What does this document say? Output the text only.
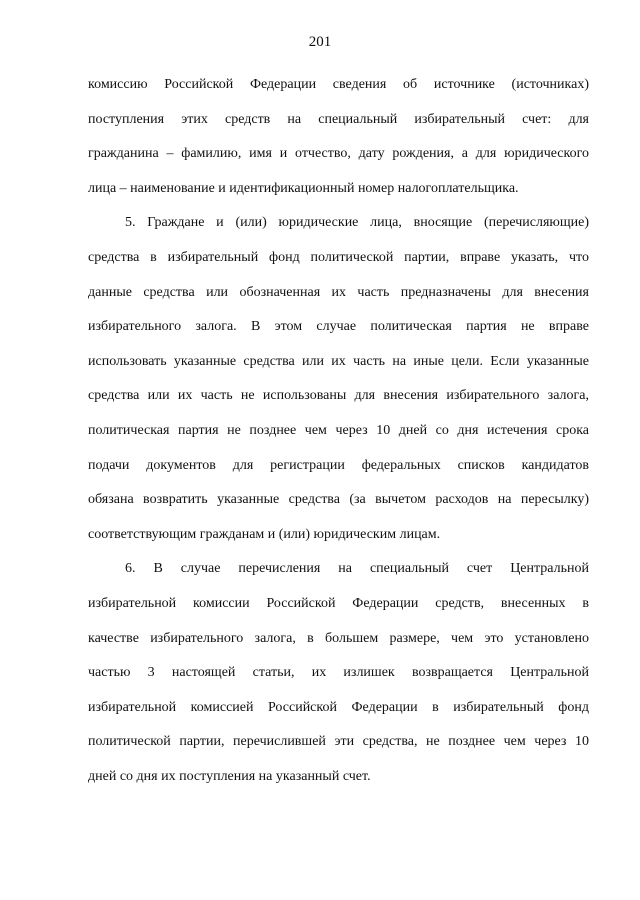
201

комиссию Российской Федерации сведения об источнике (источниках)
поступления этих средств на специальный избирательный счет: для
гражданина – фамилию, имя и отчество, дату рождения, а для юридического
лица – наименование и идентификационный номер налогоплательщика.

5. Граждане и (или) юридические лица, вносящие (перечисляющие)
средства в избирательный фонд политической партии, вправе указать, что
данные средства или обозначенная их часть предназначены для внесения
избирательного залога. В этом случае политическая партия не вправе
использовать указанные средства или их часть на иные цели. Если указанные
средства или их часть не использованы для внесения избирательного залога,
политическая партия не позднее чем через 10 дней со дня истечения срока
подачи документов для регистрации федеральных списков кандидатов
обязана возвратить указанные средства (за вычетом расходов на пересылку)
соответствующим гражданам и (или) юридическим лицам.

6. В случае перечисления на специальный счет Центральной
избирательной комиссии Российской Федерации средств, внесенных в
качестве избирательного залога, в большем размере, чем это установлено
частью 3 настоящей статьи, их излишек возвращается Центральной
избирательной комиссией Российской Федерации в избирательный фонд
политической партии, перечислившей эти средства, не позднее чем через 10
дней со дня их поступления на указанный счет.
